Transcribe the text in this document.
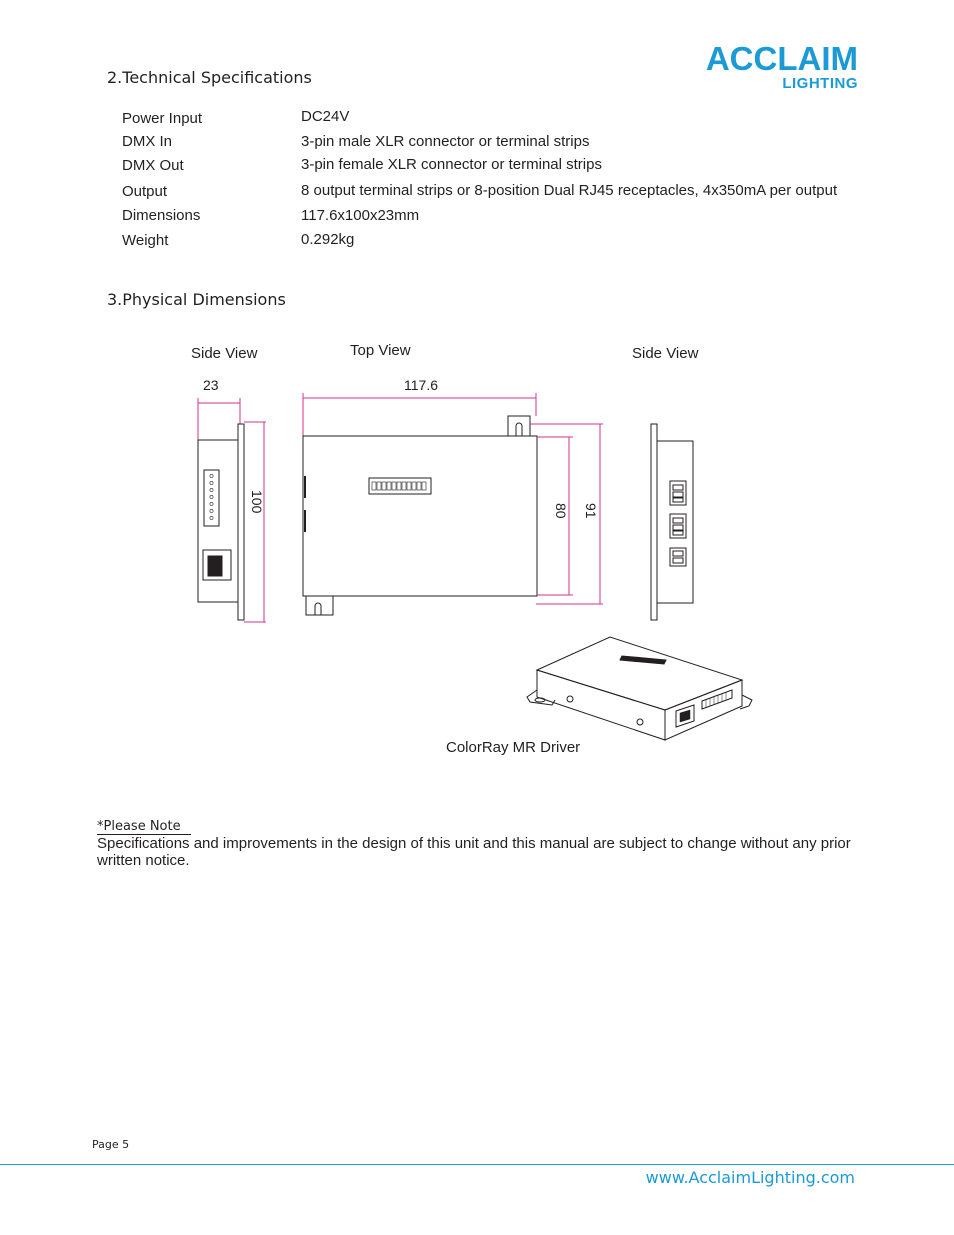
ACCLAIM
LIGHTING
2.Technical Specifications
Power Input	DC24V
DMX In	3-pin male XLR connector or terminal strips
DMX Out	3-pin female XLR connector or terminal strips
Output	8 output terminal strips or 8-position Dual RJ45 receptacles, 4x350mA per output
Dimensions	117.6x100x23mm
Weight	0.292kg
3.Physical Dimensions
Side View	Top View	Side View
23
100
117.6
80 91
ColorRay MR Driver
*Please Note
Specifications and improvements in the design of this unit and this manual are subject to change without any prior written notice.
Page 5
www.AcclaimLighting.com
